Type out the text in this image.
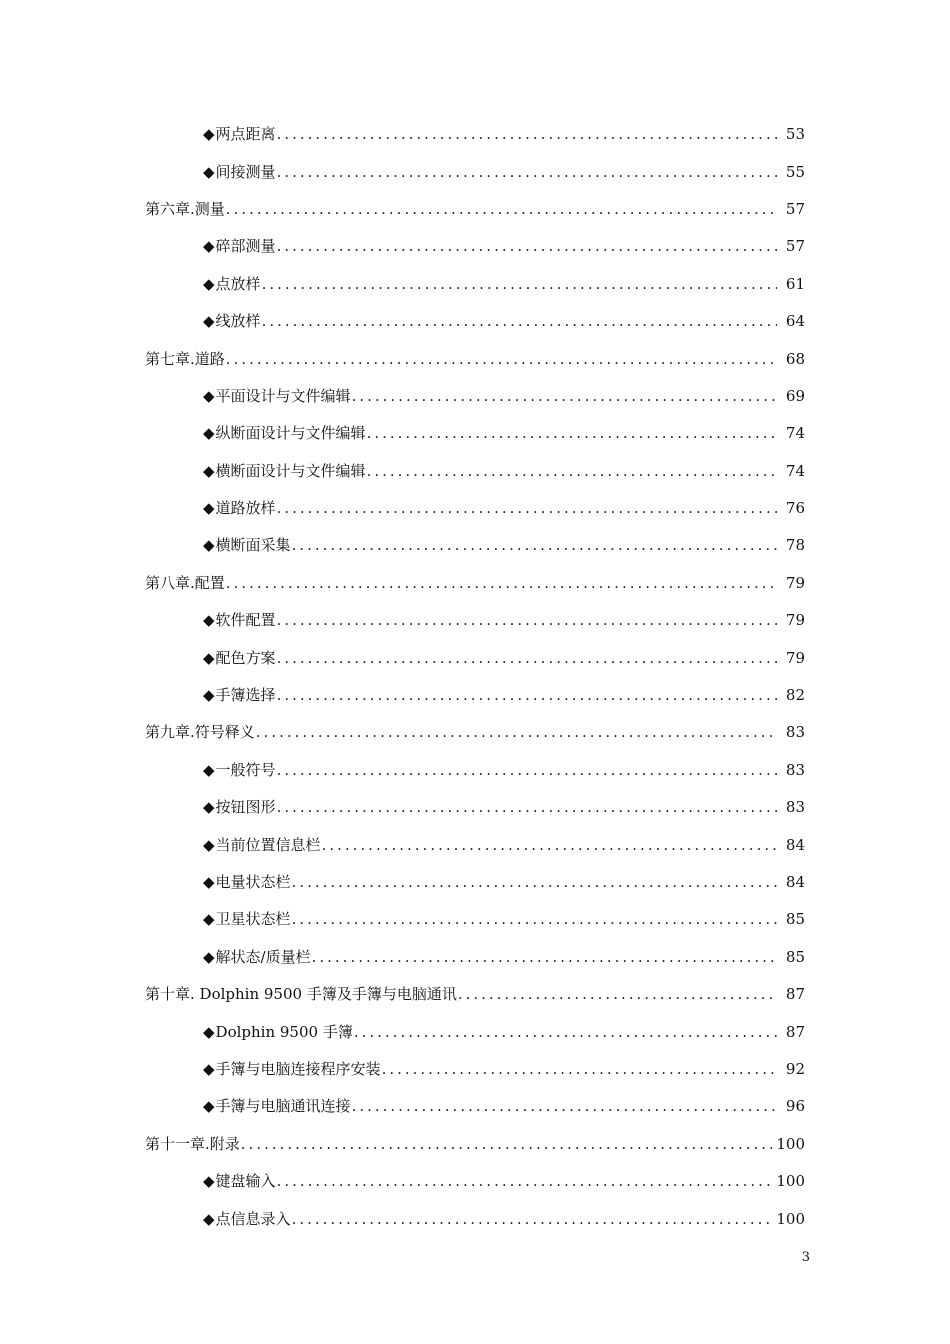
◆两点距离 .....	53
◆间接测量 .....	55
第六章.测量 .....	57
◆碎部测量 .....	57
◆点放样 .....	61
◆线放样 .....	64
第七章.道路 .....	68
◆平面设计与文件编辑 .....	69
◆纵断面设计与文件编辑 .....	74
◆横断面设计与文件编辑 .....	74
◆道路放样 .....	76
◆横断面采集 .....	78
第八章.配置 .....	79
◆软件配置 .....	79
◆配色方案 .....	79
◆手簿选择 .....	82
第九章.符号释义 .....	83
◆一般符号 .....	83
◆按钮图形 .....	83
◆当前位置信息栏 .....	84
◆电量状态栏 .....	84
◆卫星状态栏 .....	85
◆解状态/质量栏 .....	85
第十章. Dolphin 9500 手簿及手簿与电脑通讯 .....	87
◆Dolphin 9500 手簿 .....	87
◆手簿与电脑连接程序安装 .....	92
◆手簿与电脑通讯连接 .....	96
第十一章.附录 .....	100
◆键盘输入 .....	100
◆点信息录入 .....	100
3
